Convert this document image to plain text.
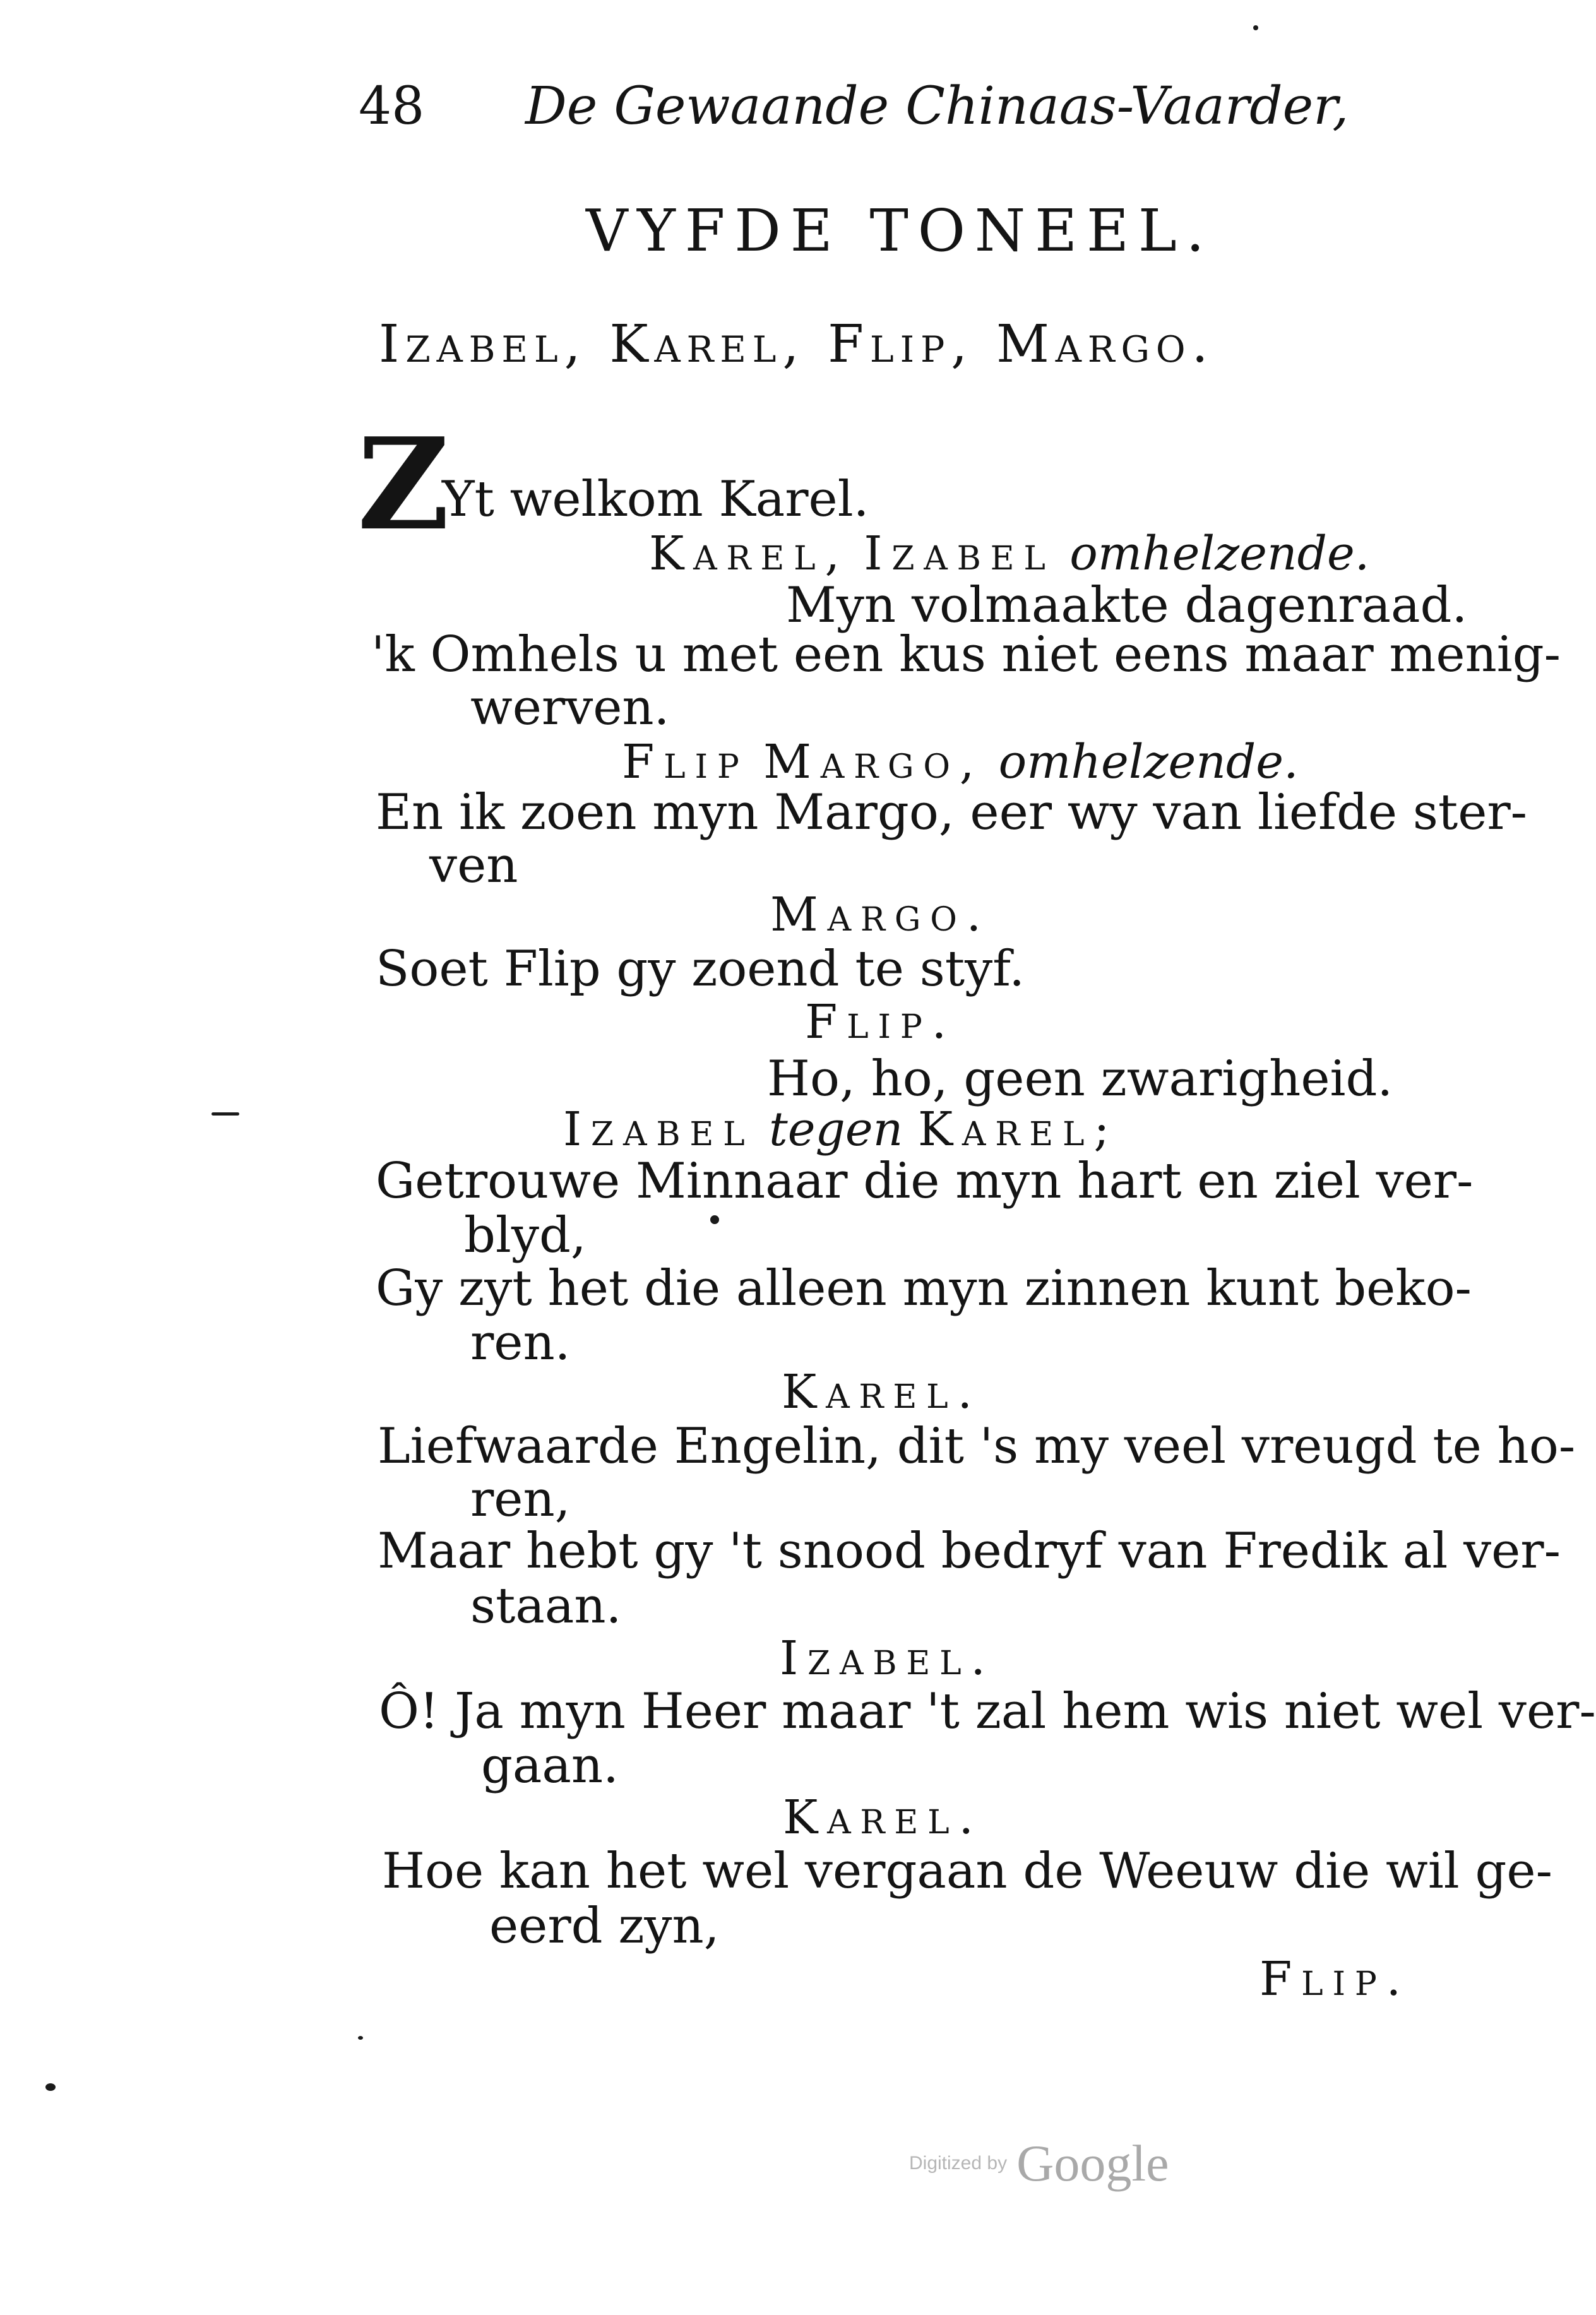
48 De Gewaande Chinaas-Vaarder,
VYFDE TONEEL.
Izabel, Karel, Flip, Margo.
Z
Yt welkom Karel.
Karel, Izabel omhelzende.
Myn volmaakte dagenraad.
'k Omhels u met een kus niet eens maar menig-
werven.
Flip Margo, omhelzende.
En ik zoen myn Margo, eer wy van liefde ster-
ven
Margo.
Soet Flip gy zoend te styf.
Flip.
Ho, ho, geen zwarigheid.
Izabel tegen Karel;
Getrouwe Minnaar die myn hart en ziel ver-
blyd,
Gy zyt het die alleen myn zinnen kunt beko-
ren.
Karel.
Liefwaarde Engelin, dit 's my veel vreugd te ho-
ren,
Maar hebt gy 't snood bedryf van Fredik al ver-
staan.
Izabel.
Ô! Ja myn Heer maar 't zal hem wis niet wel ver-
gaan.
Karel.
Hoe kan het wel vergaan de Weeuw die wil ge-
eerd zyn,
Flip.
Digitized by Google
